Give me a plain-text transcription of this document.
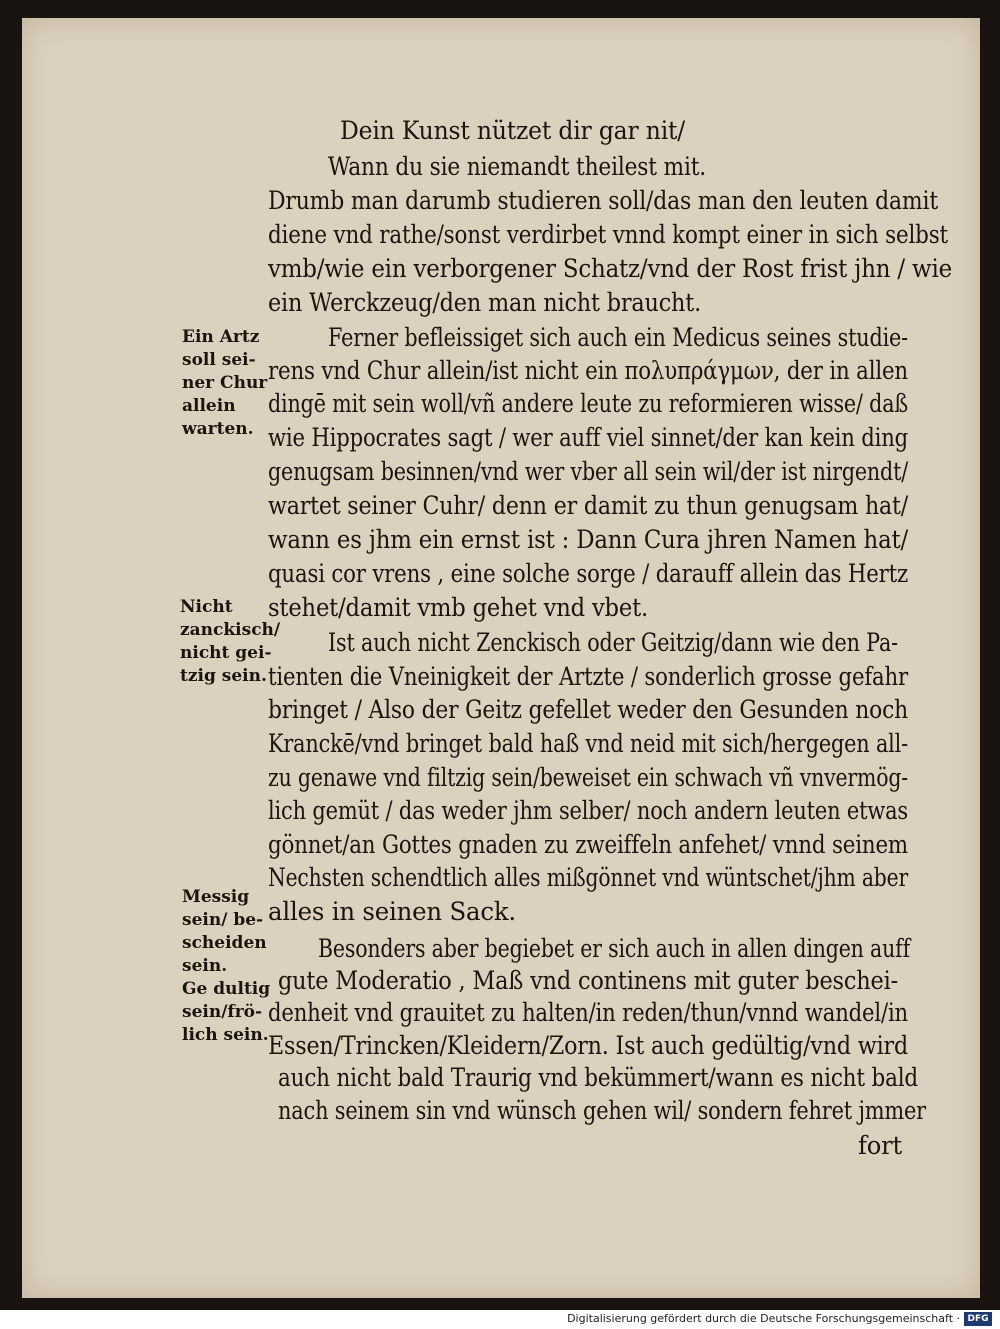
Dein Kunst nützet dir gar nit/
Wann du sie niemandt theilest mit.
Drumb man darumb studieren soll/das man den leuten damit
diene vnd rathe/sonst verdirbet vnnd kompt einer in sich selbst
vmb/wie ein verborgener Schatz/vnd der Rost frist jhn / wie
ein Werckzeug/den man nicht braucht.
Ferner befleissiget sich auch ein Medicus seines studie-
rens vnd Chur allein/ist nicht ein πολυπράγμων, der in allen
dingē mit sein woll/vñ andere leute zu reformieren wisse/ daß
wie Hippocrates sagt / wer auff viel sinnet/der kan kein ding
genugsam besinnen/vnd wer vber all sein wil/der ist nirgendt/
wartet seiner Cuhr/ denn er damit zu thun genugsam hat/
wann es jhm ein ernst ist : Dann Cura jhren Namen hat/
quasi cor vrens , eine solche sorge / darauff allein das Hertz
stehet/damit vmb gehet vnd vbet.
Ist auch nicht Zenckisch oder Geitzig/dann wie den Pa-
tienten die Vneinigkeit der Artzte / sonderlich grosse gefahr
bringet / Also der Geitz gefellet weder den Gesunden noch
Kranckē/vnd bringet bald haß vnd neid mit sich/hergegen all-
zu genawe vnd filtzig sein/beweiset ein schwach vñ vnvermög-
lich gemüt / das weder jhm selber/ noch andern leuten etwas
gönnet/an Gottes gnaden zu zweiffeln anfehet/ vnnd seinem
Nechsten schendtlich alles mißgönnet vnd wüntschet/jhm aber
alles in seinen Sack.
Besonders aber begiebet er sich auch in allen dingen auff
gute Moderatio , Maß vnd continens mit guter beschei-
denheit vnd grauitet zu halten/in reden/thun/vnnd wandel/in
Essen/Trincken/Kleidern/Zorn. Ist auch gedültig/vnd wird
auch nicht bald Traurig vnd bekümmert/wann es nicht bald
nach seinem sin vnd wünsch gehen wil/ sondern fehret jmmer
fort
Ein Artz
soll sei-
ner Chur
allein
warten.
Nicht
zanckisch/
nicht gei-
tzig sein.
Messig
sein/ be-
scheiden
sein.
Ge dultig
sein/frö-
lich sein.
Digitalisierung gefördert durch die Deutsche Forschungsgemeinschaft · DFG
